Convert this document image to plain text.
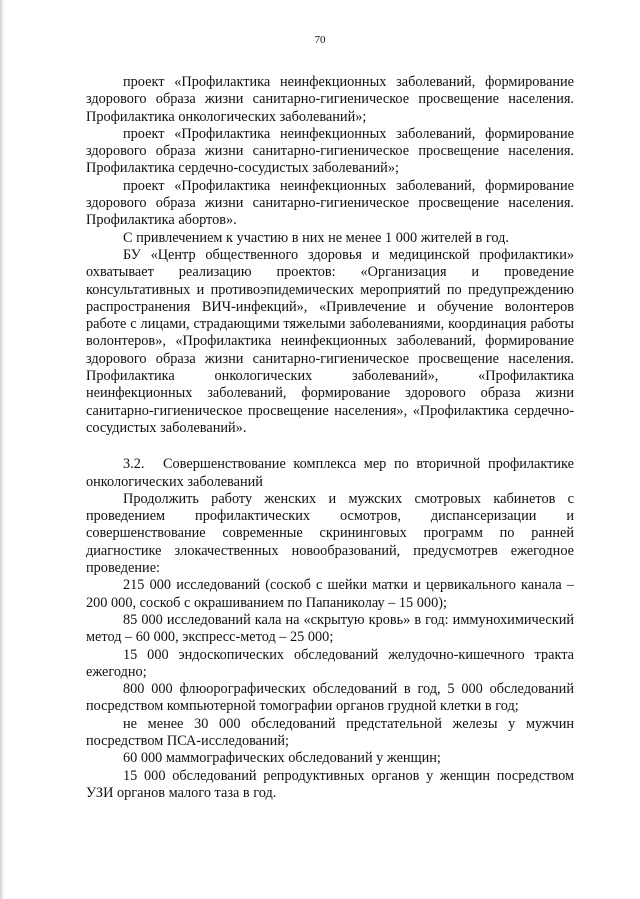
70

проект «Профилактика неинфекционных заболеваний, формирование здорового образа жизни санитарно-гигиеническое просвещение населения. Профилактика онкологических заболеваний»;

проект «Профилактика неинфекционных заболеваний, формирование здорового образа жизни санитарно-гигиеническое просвещение населения. Профилактика сердечно-сосудистых заболеваний»;

проект «Профилактика неинфекционных заболеваний, формирование здорового образа жизни санитарно-гигиеническое просвещение населения. Профилактика абортов».

С привлечением к участию в них не менее 1 000 жителей в год.

БУ «Центр общественного здоровья и медицинской профилактики» охватывает реализацию проектов: «Организация и проведение консультативных и противоэпидемических мероприятий по предупреждению распространения ВИЧ-инфекций», «Привлечение и обучение волонтеров работе с лицами, страдающими тяжелыми заболеваниями, координация работы волонтеров», «Профилактика неинфекционных заболеваний, формирование здорового образа жизни санитарно-гигиеническое просвещение населения. Профилактика онкологических заболеваний», «Профилактика неинфекционных заболеваний, формирование здорового образа жизни санитарно-гигиеническое просвещение населения», «Профилактика сердечно-сосудистых заболеваний».

3.2. Совершенствование комплекса мер по вторичной профилактике онкологических заболеваний

Продолжить работу женских и мужских смотровых кабинетов с проведением профилактических осмотров, диспансеризации и совершенствование современные скрининговых программ по ранней диагностике злокачественных новообразований, предусмотрев ежегодное проведение:

215 000 исследований (соскоб с шейки матки и цервикального канала – 200 000, соскоб с окрашиванием по Папаниколау – 15 000);

85 000 исследований кала на «скрытую кровь» в год: иммунохимический метод – 60 000, экспресс-метод – 25 000;

15 000 эндоскопических обследований желудочно-кишечного тракта ежегодно;

800 000 флюорографических обследований в год, 5 000 обследований посредством компьютерной томографии органов грудной клетки в год;

не менее 30 000 обследований предстательной железы у мужчин посредством ПСА-исследований;

60 000 маммографических обследований у женщин;

15 000 обследований репродуктивных органов у женщин посредством УЗИ органов малого таза в год.
